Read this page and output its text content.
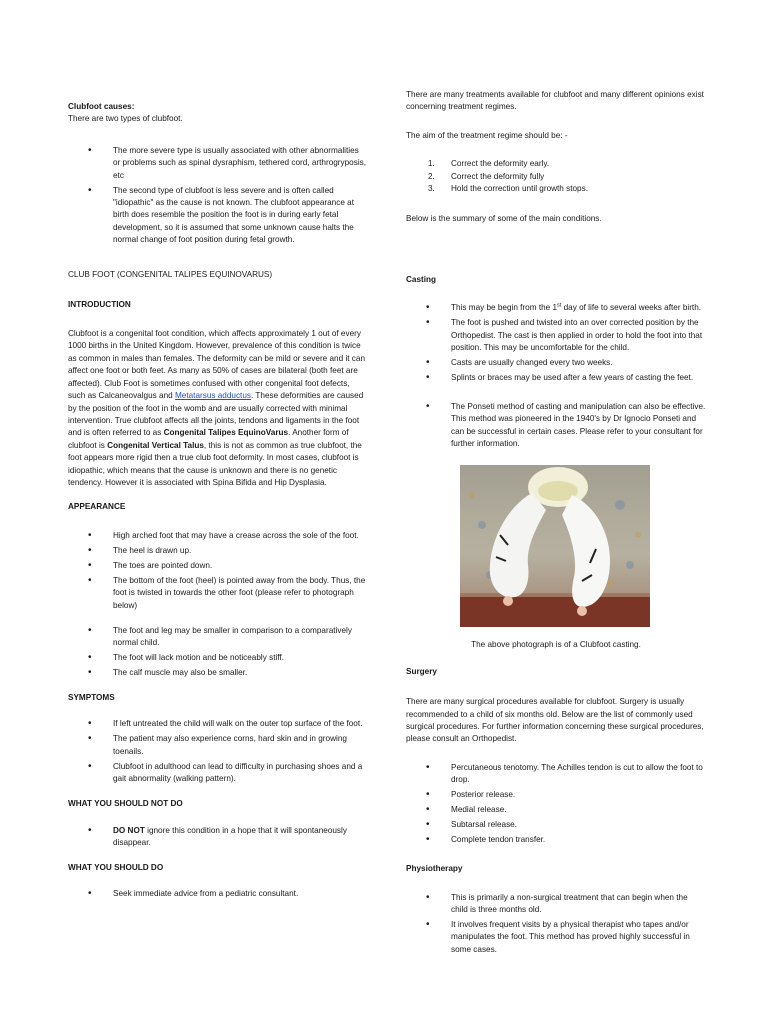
Clubfoot causes:

There are two types of clubfoot.

• The more severe type is usually associated with other abnormalities or problems such as spinal dysraphism, tethered cord, arthrogryposis, etc
• The second type of clubfoot is less severe and is often called "idiopathic" as the cause is not known. The clubfoot appearance at birth does resemble the position the foot is in during early fetal development, so it is assumed that some unknown cause halts the normal change of foot position during fetal growth.

CLUB FOOT (CONGENITAL TALIPES EQUINOVARUS)

INTRODUCTION

Clubfoot is a congenital foot condition, which affects approximately 1 out of every 1000 births in the United Kingdom. However, prevalence of this condition is twice as common in males than females. The deformity can be mild or severe and it can affect one foot or both feet. As many as 50% of cases are bilateral (both feet are affected). Club Foot is sometimes confused with other congenital foot defects, such as Calcaneovalgus and Metatarsus adductus. These deformities are caused by the position of the foot in the womb and are usually corrected with minimal intervention. True clubfoot affects all the joints, tendons and ligaments in the foot and is often referred to as Congenital Talipes EquinoVarus. Another form of clubfoot is Congenital Vertical Talus, this is not as common as true clubfoot, the foot appears more rigid then a true club foot deformity. In most cases, clubfoot is idiopathic, which means that the cause is unknown and there is no genetic tendency. However it is associated with Spina Bifida and Hip Dysplasia.

APPEARANCE

• High arched foot that may have a crease across the sole of the foot.
• The heel is drawn up.
• The toes are pointed down.
• The bottom of the foot (heel) is pointed away from the body. Thus, the foot is twisted in towards the other foot (please refer to photograph below)
• The foot and leg may be smaller in comparison to a comparatively normal child.
• The foot will lack motion and be noticeably stiff.
• The calf muscle may also be smaller.

SYMPTOMS

• If left untreated the child will walk on the outer top surface of the foot.
• The patient may also experience corns, hard skin and in growing toenails.
• Clubfoot in adulthood can lead to difficulty in purchasing shoes and a gait abnormality (walking pattern).

WHAT YOU SHOULD NOT DO

• DO NOT ignore this condition in a hope that it will spontaneously disappear.

WHAT YOU SHOULD DO

• Seek immediate advice from a pediatric consultant.

There are many treatments available for clubfoot and many different opinions exist concerning treatment regimes.

The aim of the treatment regime should be: -

1. Correct the deformity early.
2. Correct the deformity fully
3. Hold the correction until growth stops.

Below is the summary of some of the main conditions.

Casting

• This may be begin from the 1st day of life to several weeks after birth.
• The foot is pushed and twisted into an over corrected position by the Orthopedist. The cast is then applied in order to hold the foot into that position. This may be uncomfortable for the child.
• Casts are usually changed every two weeks.
• Splints or braces may be used after a few years of casting the feet.
• The Ponseti method of casting and manipulation can also be effective. This method was pioneered in the 1940's by Dr Ignocio Ponseti and can be successful in certain cases. Please refer to your consultant for further information.

The above photograph is of a Clubfoot casting.

Surgery

There are many surgical procedures available for clubfoot. Surgery is usually recommended to a child of six months old. Below are the list of commonly used surgical procedures. For further information concerning these surgical procedures, please consult an Orthopedist.

• Percutaneous tenotomy. The Achilles tendon is cut to allow the foot to drop.
• Posterior release.
• Medial release.
• Subtarsal release.
• Complete tendon transfer.

Physiotherapy

• This is primarily a non-surgical treatment that can begin when the child is three months old.
• It involves frequent visits by a physical therapist who tapes and/or manipulates the foot. This method has proved highly successful in some cases.
